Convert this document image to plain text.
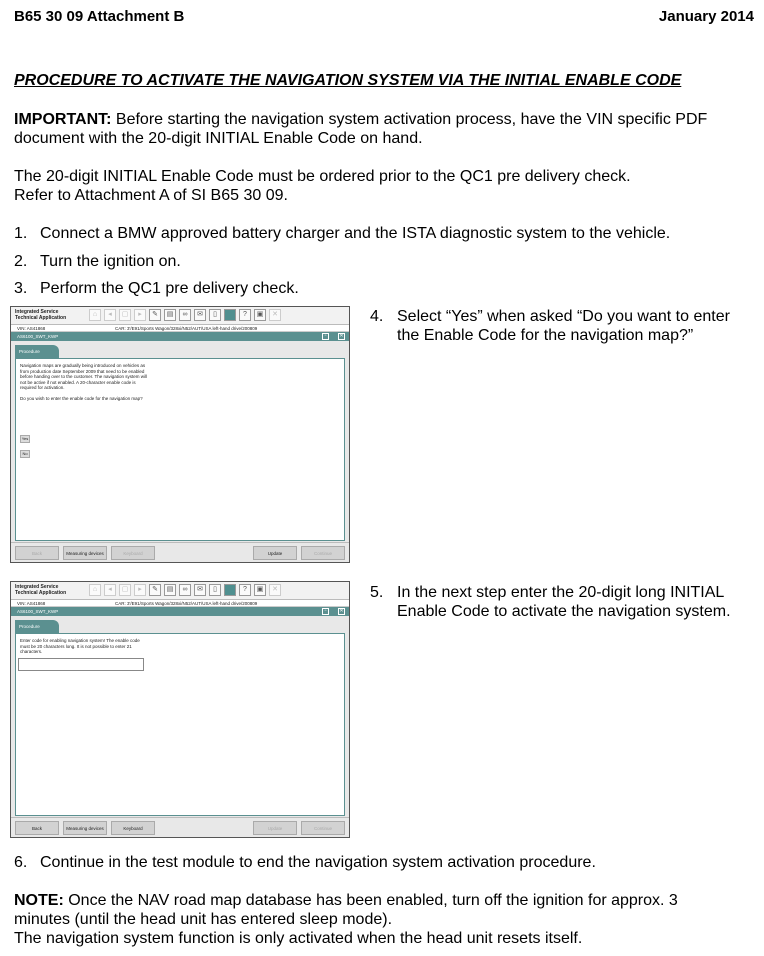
B65 30 09 Attachment B	January 2014
PROCEDURE TO ACTIVATE THE NAVIGATION SYSTEM VIA THE INITIAL ENABLE CODE
IMPORTANT: Before starting the navigation system activation process, have the VIN specific PDF document with the 20-digit INITIAL Enable Code on hand.
The 20-digit INITIAL Enable Code must be ordered prior to the QC1 pre delivery check.
Refer to Attachment A of SI B65 30 09.
1. Connect a BMW approved battery charger and the ISTA diagnostic system to the vehicle.
2. Turn the ignition on.
3. Perform the QC1 pre delivery check.
Integrated Service
Technical Application	⌂	◂	▢	▸	✎	▤	∞	✉	▯	?	▣	✕
VIN: AS41868	CAR: 3'/E91/Sports Wagon/328xi/N52/AUT/USA left-hand drive/200809
AS6100_SWT_KWP	▫	✕
Procedure
Navigation maps are gradually being introduced on vehicles as from production date September 2009 that need to be enabled before handing over to the customer. The navigation system will not be active if not enabled. A 20-character enable code is required for activation.
Do you wish to enter the enable code for the navigation map?
Yes
No
Back	Measuring devices	Keyboard	Update	Continue
4. Select “Yes” when asked “Do you want to enter the Enable Code for the navigation map?”
Integrated Service
Technical Application	⌂	◂	▢	▸	✎	▤	∞	✉	▯	?	▣	✕
VIN: AS41868	CAR: 3'/E91/Sports Wagon/328xi/N52/AUT/USA left-hand drive/200809
AS6100_SWT_KWP	▫	✕
Procedure
Enter code for enabling navigation system! The enable code must be 20 characters long. It is not possible to enter 21 characters.
Back	Measuring devices	Keyboard	Update	Continue
5. In the next step enter the 20-digit long INITIAL Enable Code to activate the navigation system.
6. Continue in the test module to end the navigation system activation procedure.
NOTE: Once the NAV road map database has been enabled, turn off the ignition for approx. 3 minutes (until the head unit has entered sleep mode).
The navigation system function is only activated when the head unit resets itself.
